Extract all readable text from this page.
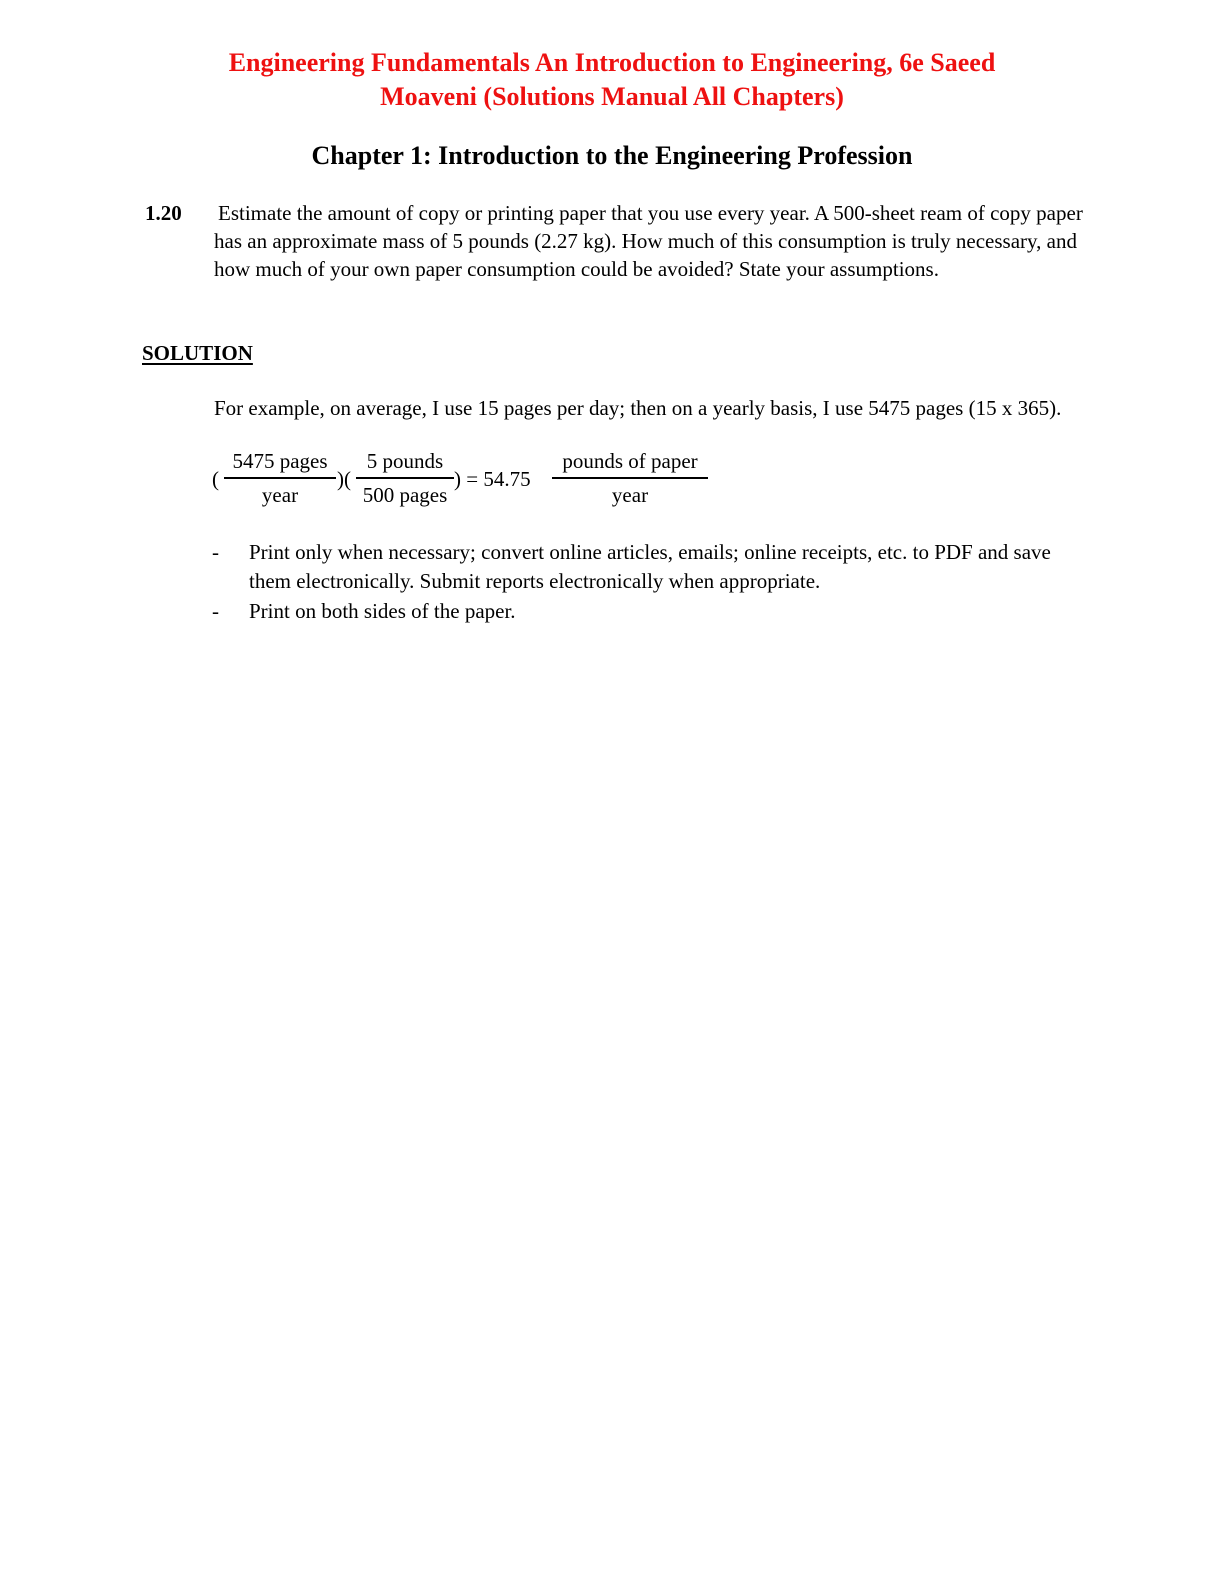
Engineering Fundamentals An Introduction to Engineering, 6e Saeed
Moaveni (Solutions Manual All Chapters)
Chapter 1: Introduction to the Engineering Profession
1.20 Estimate the amount of copy or printing paper that you use every year. A 500-sheet ream of copy paper has an approximate mass of 5 pounds (2.27 kg). How much of this consumption is truly necessary, and how much of your own paper consumption could be avoided? State your assumptions.

SOLUTION

For example, on average, I use 15 pages per day; then on a yearly basis, I use 5475 pages (15 x 365).

(
5475 pages
year
)(
5 pounds
500 pages
) = 54.75
pounds of paper
year
- Print only when necessary; convert online articles, emails; online receipts, etc. to PDF and save them electronically. Submit reports electronically when appropriate.
- Print on both sides of the paper.
